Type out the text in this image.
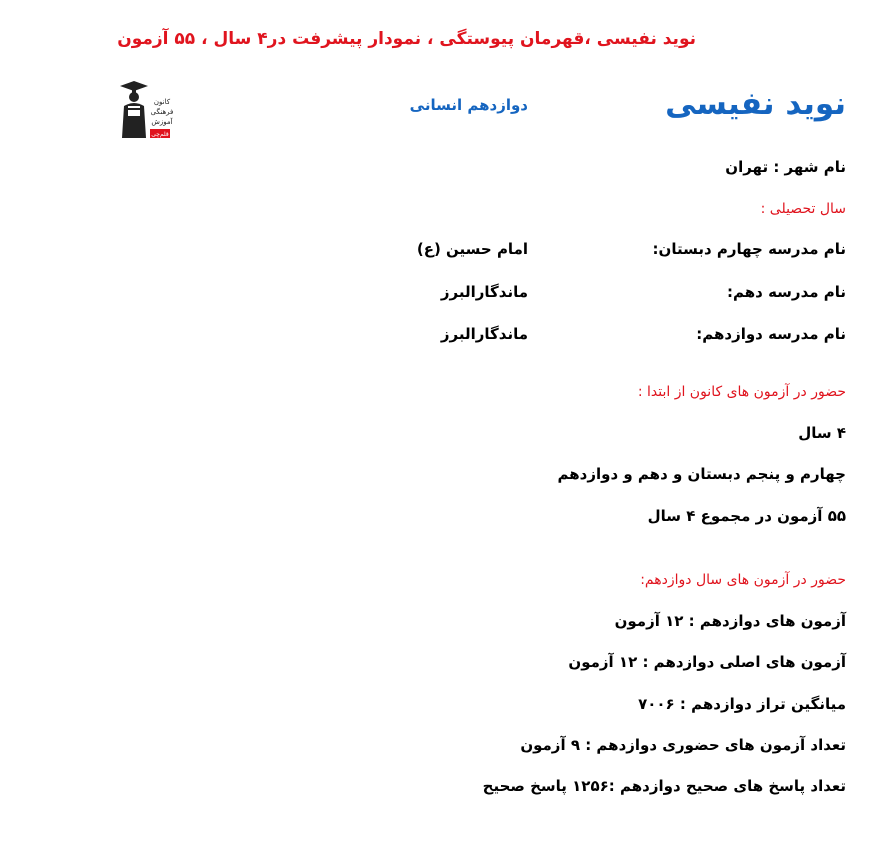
نوید نفیسی ،قهرمان پیوستگی ، نمودار پیشرفت در۴ سال ، ۵۵ آزمون
نوید نفیسی
دوازدهم انسانی
کانون
فرهنگی
آموزش
قلم‌چی
نام شهر : تهران
سال تحصیلی :
نام مدرسه چهارم دبستان:
امام حسین (ع)
نام مدرسه دهم:
ماندگارالبرز
نام مدرسه دوازدهم:
ماندگارالبرز
حضور در آزمون های کانون از ابتدا :
۴ سال
چهارم و پنجم دبستان و دهم و دوازدهم
۵۵ آزمون در مجموع ۴ سال
حضور در آزمون های سال دوازدهم:
آزمون های دوازدهم : ۱۲ آزمون
آزمون های اصلی دوازدهم : ۱۲ آزمون
میانگین تراز دوازدهم : ۷۰۰۶
تعداد آزمون های حضوری دوازدهم : ۹ آزمون
تعداد پاسخ های صحیح دوازدهم :۱۲۵۶ پاسخ صحیح
